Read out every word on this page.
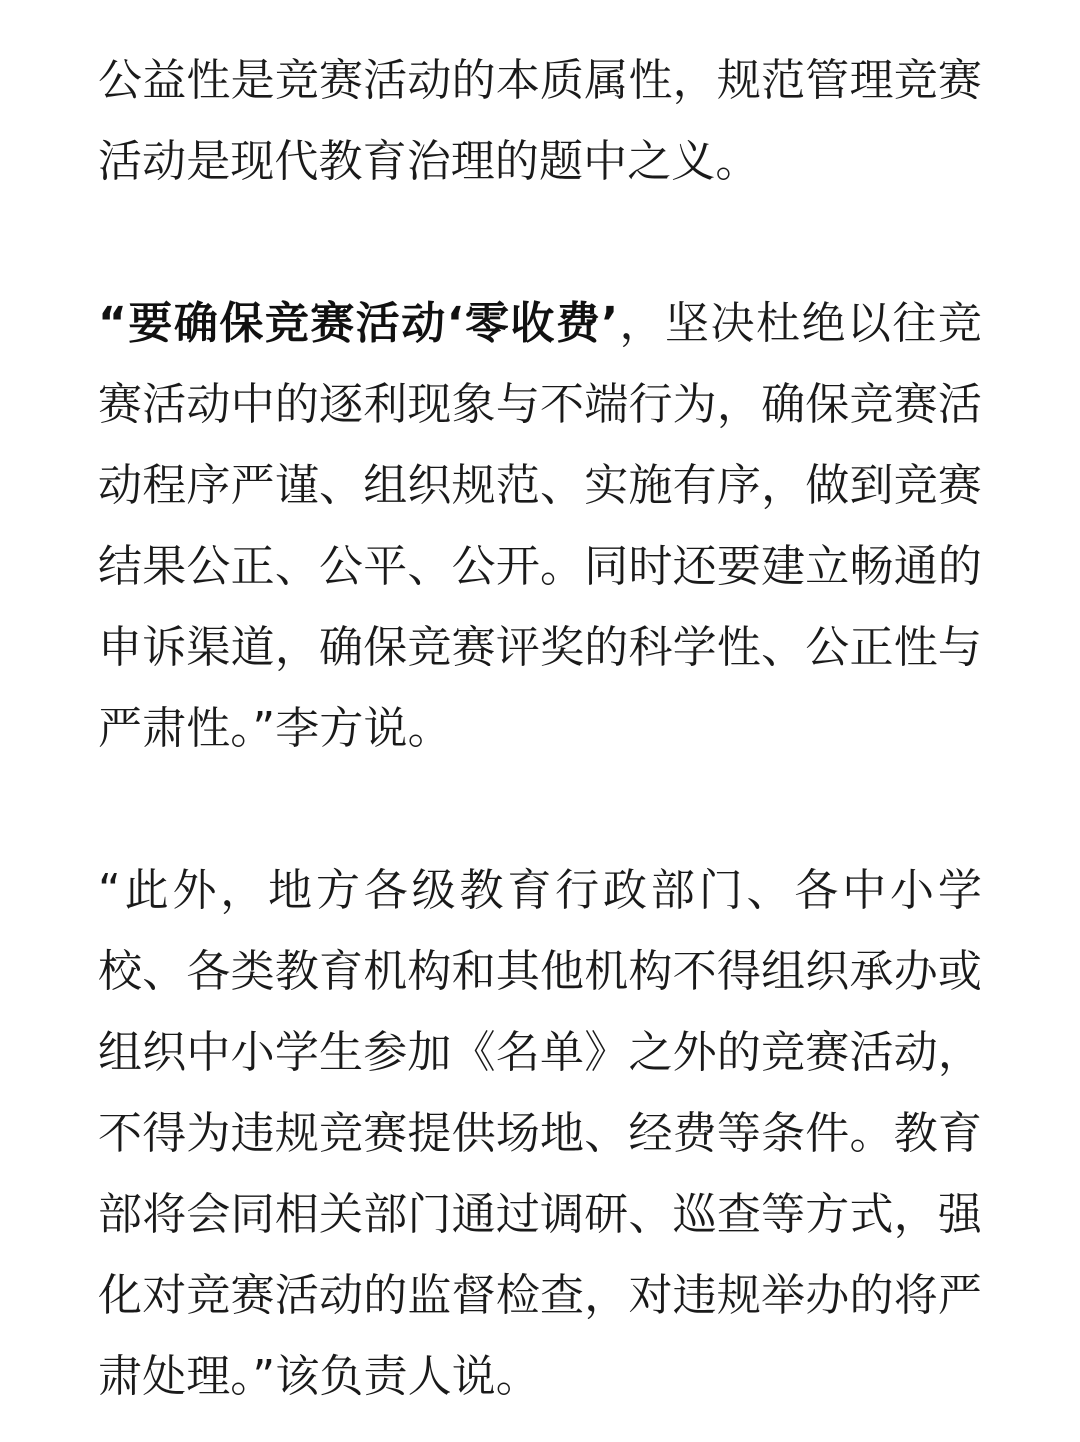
公益性是竞赛活动的本质属性，规范管理竞赛活动是现代教育治理的题中之义。

“要确保竞赛活动‘零收费’，坚决杜绝以往竞赛活动中的逐利现象与不端行为，确保竞赛活动程序严谨、组织规范、实施有序，做到竞赛结果公正、公平、公开。同时还要建立畅通的申诉渠道，确保竞赛评奖的科学性、公正性与严肃性。”李方说。

“此外，地方各级教育行政部门、各中小学校、各类教育机构和其他机构不得组织承办或组织中小学生参加《名单》之外的竞赛活动，不得为违规竞赛提供场地、经费等条件。教育部将会同相关部门通过调研、巡查等方式，强化对竞赛活动的监督检查，对违规举办的将严肃处理。”该负责人说。
